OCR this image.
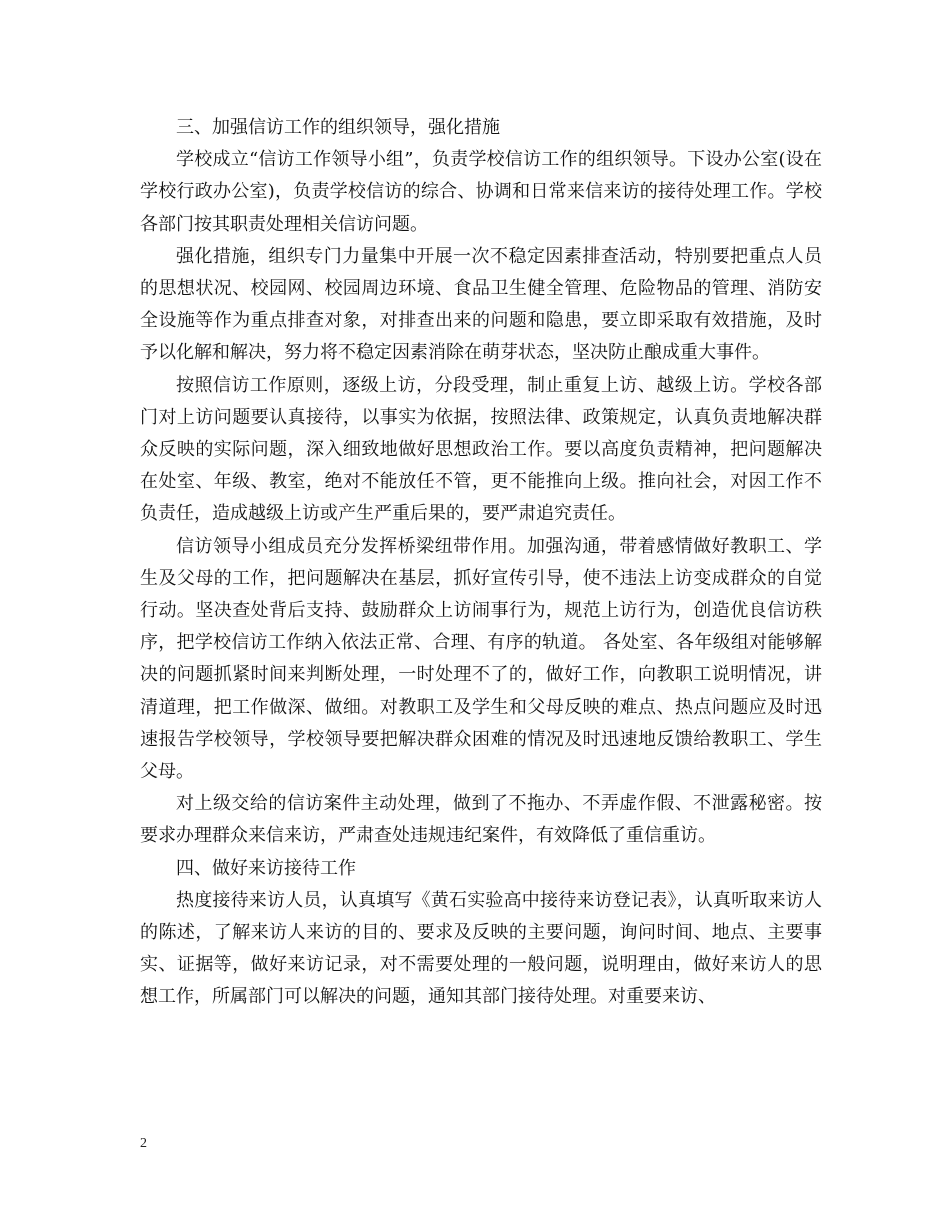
三、加强信访工作的组织领导，强化措施

学校成立“信访工作领导小组”，负责学校信访工作的组织领导。下设办公室(设在学校行政办公室)，负责学校信访的综合、协调和日常来信来访的接待处理工作。学校各部门按其职责处理相关信访问题。

强化措施，组织专门力量集中开展一次不稳定因素排查活动，特别要把重点人员的思想状况、校园网、校园周边环境、食品卫生健全管理、危险物品的管理、消防安全设施等作为重点排查对象，对排查出来的问题和隐患，要立即采取有效措施，及时予以化解和解决，努力将不稳定因素消除在萌芽状态，坚决防止酿成重大事件。

按照信访工作原则，逐级上访，分段受理，制止重复上访、越级上访。学校各部门对上访问题要认真接待，以事实为依据，按照法律、政策规定，认真负责地解决群众反映的实际问题，深入细致地做好思想政治工作。要以高度负责精神，把问题解决在处室、年级、教室，绝对不能放任不管，更不能推向上级。推向社会，对因工作不负责任，造成越级上访或产生严重后果的，要严肃追究责任。

信访领导小组成员充分发挥桥梁纽带作用。加强沟通，带着感情做好教职工、学生及父母的工作，把问题解决在基层，抓好宣传引导，使不违法上访变成群众的自觉行动。坚决查处背后支持、鼓励群众上访闹事行为，规范上访行为，创造优良信访秩序，把学校信访工作纳入依法正常、合理、有序的轨道。 各处室、各年级组对能够解决的问题抓紧时间来判断处理，一时处理不了的，做好工作，向教职工说明情况，讲清道理，把工作做深、做细。对教职工及学生和父母反映的难点、热点问题应及时迅速报告学校领导，学校领导要把解决群众困难的情况及时迅速地反馈给教职工、学生父母。

对上级交给的信访案件主动处理，做到了不拖办、不弄虚作假、不泄露秘密。按要求办理群众来信来访，严肃查处违规违纪案件，有效降低了重信重访。

四、做好来访接待工作

热度接待来访人员，认真填写《黄石实验高中接待来访登记表》，认真听取来访人的陈述，了解来访人来访的目的、要求及反映的主要问题，询问时间、地点、主要事实、证据等，做好来访记录，对不需要处理的一般问题，说明理由，做好来访人的思想工作，所属部门可以解决的问题，通知其部门接待处理。对重要来访、

2
